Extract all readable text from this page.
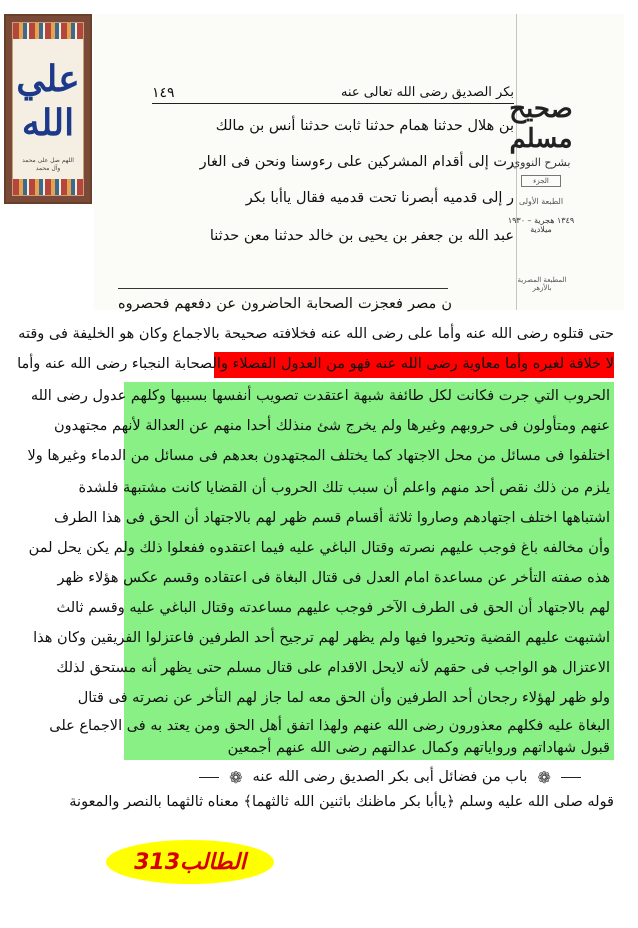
علي الله
اللهم صل على محمد وآل محمد
بكر الصديق رضى الله تعالى عنه
١٤٩
بن هلال حدثنا همام حدثنا ثابت حدثنا أنس بن مالك
رت إلى أقدام المشركين على رءوسنا ونحن فى الغار
ر إلى قدميه أبصرنا تحت قدميه فقال ياأبا بكر
عبد الله بن جعفر بن يحيى بن خالد حدثنا معن حدثنا
صحيح مسلم
بشرح النووي
الجزء
الطبعة الأولى
١٣٤٩ هجرية – ١٩٣٠ ميلادية
المطبعة المصرية بالأزهر
ن مصر فعجزت الصحابة الحاضرون عن دفعهم فحصروه
حتى قتلوه رضى الله عنه وأما على رضى الله عنه فخلافته صحيحة بالاجماع وكان هو الخليفة فى وقته
لا خلافة لغيره وأما معاوية رضى الله عنه فهو من العدول الفضلاء والصحابة النجباء رضى الله عنه وأما
الحروب التي جرت فكانت لكل طائفة شبهة اعتقدت تصويب أنفسها بسببها وكلهم عدول رضى الله
عنهم ومتأولون فى حروبهم وغيرها ولم يخرج شئ منذلك أحدا منهم عن العدالة لأنهم مجتهدون
اختلفوا فى مسائل من محل الاجتهاد كما يختلف المجتهدون بعدهم فى مسائل من الدماء وغيرها ولا
يلزم من ذلك نقص أحد منهم واعلم أن سبب تلك الحروب أن القضايا كانت مشتبهة فلشدة
اشتباهها اختلف اجتهادهم وصاروا ثلاثة أقسام قسم ظهر لهم بالاجتهاد أن الحق فى هذا الطرف
وأن مخالفه باغ فوجب عليهم نصرته وقتال الباغي عليه فيما اعتقدوه ففعلوا ذلك ولم يكن يحل لمن
هذه صفته التأخر عن مساعدة امام العدل فى قتال البغاة فى اعتقاده وقسم عكس هؤلاء ظهر
لهم بالاجتهاد أن الحق فى الطرف الآخر فوجب عليهم مساعدته وقتال الباغي عليه وقسم ثالث
اشتبهت عليهم القضية وتحيروا فيها ولم يظهر لهم ترجيح أحد الطرفين فاعتزلوا الفريقين وكان هذا
الاعتزال هو الواجب فى حقهم لأنه لايحل الاقدام على قتال مسلم حتى يظهر أنه مستحق لذلك
ولو ظهر لهؤلاء رجحان أحد الطرفين وأن الحق معه لما جاز لهم التأخر عن نصرته فى قتال
البغاة عليه فكلهم معذورون رضى الله عنهم ولهذا اتفق أهل الحق ومن يعتد به فى الاجماع على
قبول شهاداتهم ورواياتهم وكمال عدالتهم رضى الله عنهم أجمعين
❁
باب من فضائل أبى بكر الصديق رضى الله عنه
❁
قوله صلى الله عليه وسلم ﴿ياأبا بكر ماظنك باثنين الله ثالثهما﴾ معناه ثالثهما بالنصر والمعونة
الطالب313
